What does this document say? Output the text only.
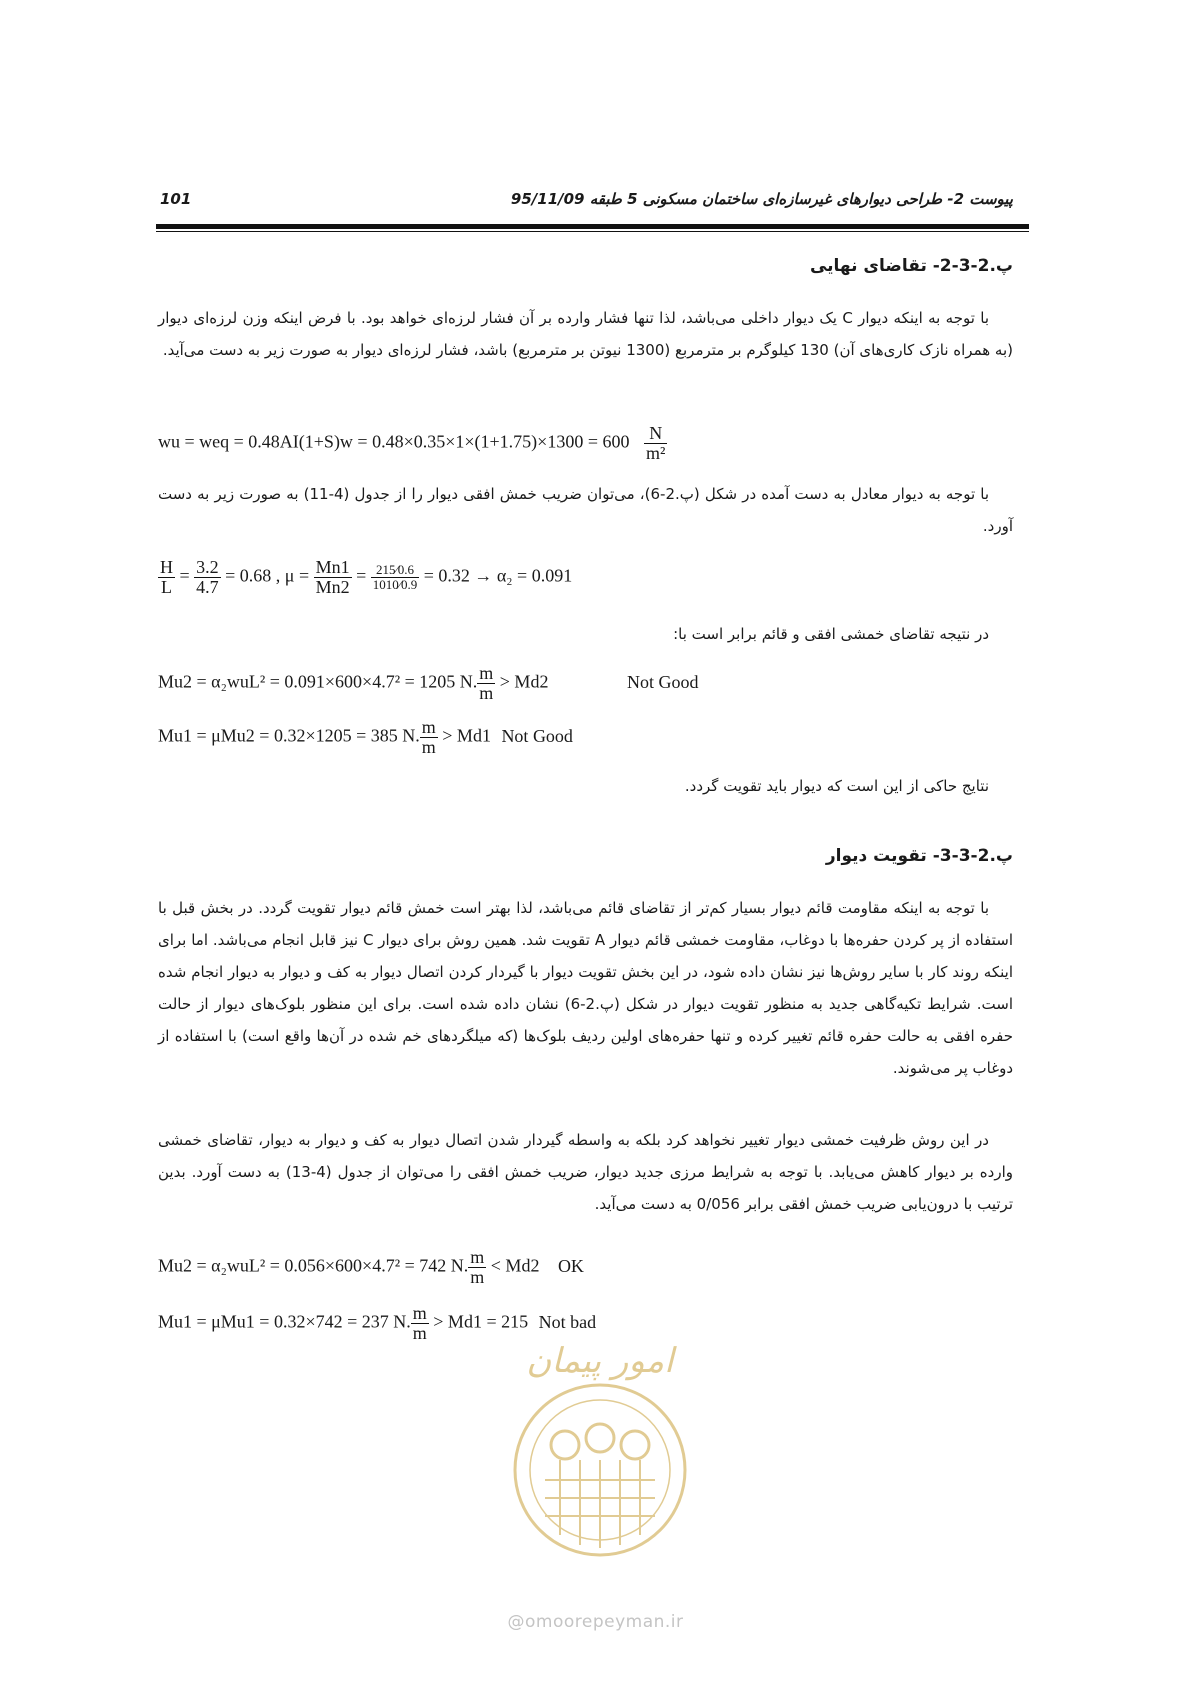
پیوست 2- طراحی دیوارهای غیرسازه‌ای ساختمان مسکونی 5 طبقه 95/11/09
101
پ.2-3-2- تقاضای نهایی
با توجه به اینکه دیوار C یک دیوار داخلی می‌باشد، لذا تنها فشار وارده بر آن فشار لرزه‌ای خواهد بود. با فرض اینکه وزن لرزه‌ای دیوار (به همراه نازک کاری‌های آن) 130 کیلوگرم بر مترمربع (1300 نیوتن بر مترمربع) باشد، فشار لرزه‌ای دیوار به صورت زیر به دست می‌آید.
wu = weq = $0.48AI(1+S)w = 0.48\times 0.35\times 1\times(1+1.75)\times 1300 = 600 \frac{N}{\text{m²}}$
با توجه به دیوار معادل به دست آمده در شکل (پ.2-6)، می‌توان ضریب خمش افقی دیوار را از جدول (4-11) به صورت زیر به دست آورد.
$\frac{H}{L} = \frac{3.2}{4.7} = 0.68$ , $\mu = \frac{Mn1}{Mn2} = \frac{215⁄0.6}{1010⁄0.9} = 0.32 \to \alpha_2 = 0.091$
در نتیجه تقاضای خمشی افقی و قائم برابر است با:
Mu2 = α₂wuL² = 0.091×600×4.7² = 1205 N. $\frac{m}{m} > Md2$	Not Good
Mu1 = μMu2 = 0.32×1205 = 385 N. $\frac{m}{m} > Md1$ Not Good
نتایج حاکی از این است که دیوار باید تقویت گردد.
پ.2-3-3- تقویت دیوار
با توجه به اینکه مقاومت قائم دیوار بسیار کم‌تر از تقاضای قائم می‌باشد، لذا بهتر است خمش قائم دیوار تقویت گردد. در بخش قبل با استفاده از پر کردن حفره‌ها با دوغاب، مقاومت خمشی قائم دیوار A تقویت شد. همین روش برای دیوار C نیز قابل انجام می‌باشد. اما برای اینکه روند کار با سایر روش‌ها نیز نشان داده شود، در این بخش تقویت دیوار با گیردار کردن اتصال دیوار به کف و دیوار به دیوار انجام شده است. شرایط تکیه‌گاهی جدید به منظور تقویت دیوار در شکل (پ.2-6) نشان داده شده است. برای این منظور بلوک‌های دیوار از حالت حفره افقی به حالت حفره قائم تغییر کرده و تنها حفره‌های اولین ردیف بلوک‌ها (که میلگردهای خم شده در آن‌ها واقع است) با استفاده از دوغاب پر می‌شوند.
در این روش ظرفیت خمشی دیوار تغییر نخواهد کرد بلکه به واسطه گیردار شدن اتصال دیوار به کف و دیوار به دیوار، تقاضای خمشی وارده بر دیوار کاهش می‌یابد. با توجه به شرایط مرزی جدید دیوار، ضریب خمش افقی را می‌توان از جدول (4-13) به دست آورد. بدین ترتیب با درون‌یابی ضریب خمش افقی برابر 0/056 به دست می‌آید.
Mu2 = α₂wuL² = 0.056×600×4.7² = 742 N. $\frac{m}{m} < Md2$ OK
Mu1 = μMu1 = 0.32×742 = 237 N. $\frac{m}{m} > Md1 = 215$ Not bad
امور پیمان
@omoorepeyman.ir
